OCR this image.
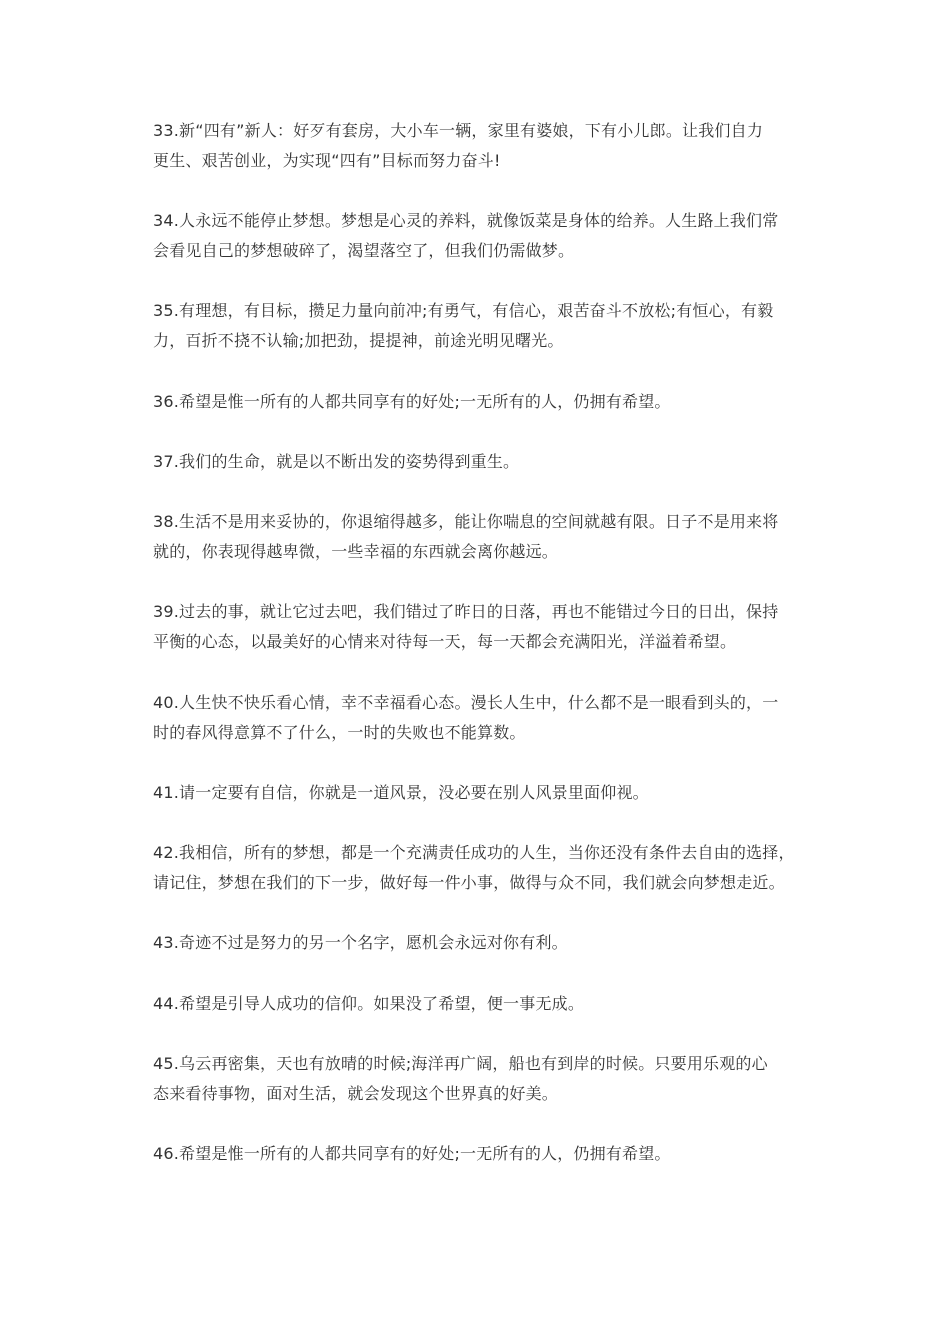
33.新“四有”新人：好歹有套房，大小车一辆，家里有婆娘，下有小儿郎。让我们自力
更生、艰苦创业，为实现“四有”目标而努力奋斗!
34.人永远不能停止梦想。梦想是心灵的养料，就像饭菜是身体的给养。人生路上我们常
会看见自己的梦想破碎了，渴望落空了，但我们仍需做梦。
35.有理想，有目标，攒足力量向前冲;有勇气，有信心，艰苦奋斗不放松;有恒心，有毅
力，百折不挠不认输;加把劲，提提神，前途光明见曙光。
36.希望是惟一所有的人都共同享有的好处;一无所有的人，仍拥有希望。
37.我们的生命，就是以不断出发的姿势得到重生。
38.生活不是用来妥协的，你退缩得越多，能让你喘息的空间就越有限。日子不是用来将
就的，你表现得越卑微，一些幸福的东西就会离你越远。
39.过去的事，就让它过去吧，我们错过了昨日的日落，再也不能错过今日的日出，保持
平衡的心态，以最美好的心情来对待每一天，每一天都会充满阳光，洋溢着希望。
40.人生快不快乐看心情，幸不幸福看心态。漫长人生中，什么都不是一眼看到头的，一
时的春风得意算不了什么，一时的失败也不能算数。
41.请一定要有自信，你就是一道风景，没必要在别人风景里面仰视。
42.我相信，所有的梦想，都是一个充满责任成功的人生，当你还没有条件去自由的选择，
请记住，梦想在我们的下一步，做好每一件小事，做得与众不同，我们就会向梦想走近。
43.奇迹不过是努力的另一个名字，愿机会永远对你有利。
44.希望是引导人成功的信仰。如果没了希望，便一事无成。
45.乌云再密集，天也有放晴的时候;海洋再广阔，船也有到岸的时候。只要用乐观的心
态来看待事物，面对生活，就会发现这个世界真的好美。
46.希望是惟一所有的人都共同享有的好处;一无所有的人，仍拥有希望。
